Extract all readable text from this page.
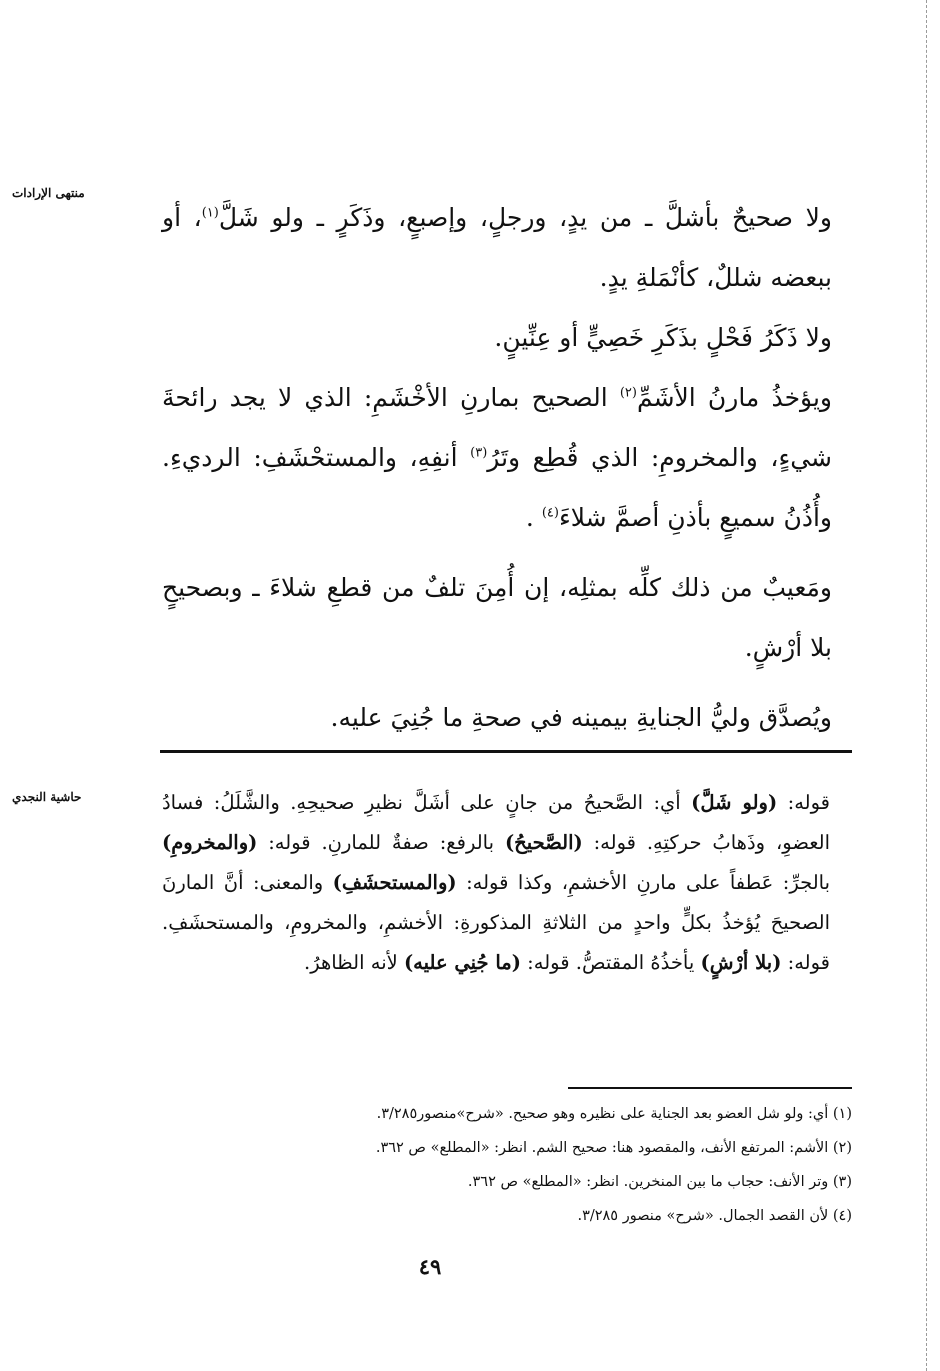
منتهى الإرادات

ولا صحيحٌ بأشلَّ ـ من يدٍ، ورجلٍ، وإصبعٍ، وذَكَرٍ ـ ولو شَلَّ$^{(١)}$، أو ببعضه شللٌ، كأنْمَلةِ يدٍ.

ولا ذَكَرُ فَحْلٍ بذَكَرِ خَصِيٍّ أو عِنِّينٍ.

ويؤخذُ مارنُ الأشَمِّ$^{(٢)}$ الصحيح بمارنِ الأخْشَمِ: الذي لا يجد رائحةَ شيءٍ، والمخرومِ: الذي قُطِع وتَرُ$^{(٣)}$ أنفِهِ، والمستحْشَفِ: الرديءِ. وأُذُنُ سميعٍ بأذنِ أصمَّ شلاءَ$^{(٤)}$ .

ومَعيبٌ من ذلك كلِّه بمثلِه، إن أُمِنَ تلفٌ من قطعِ شلاءَ ـ وبصحيحٍ بلا أرْشٍ.

ويُصدَّق وليُّ الجنايةِ بيمينه في صحةِ ما جُنِيَ عليه.

حاشية النجدي	قوله: (ولو شَلَّ) أي: الصَّحيحُ من جانٍ على أشَلَّ نظيرِ صحيحِهِ. والشَّلَلُ: فسادُ العضوِ، وذَهابُ حركتِهِ. قوله: (الصَّحيحُ) بالرفع: صفةٌ للمارنِ. قوله: (والمخرومِ) بالجرِّ: عَطفاً على مارنِ الأخشمِ، وكذا قوله: (والمستحشَفِ) والمعنى: أنَّ المارنَ الصحيحَ يُؤخذُ بكلٍّ واحدٍ من الثلاثةِ المذكورةِ: الأخشمِ، والمخرومِ، والمستحشَفِ. قوله: (بلا أرْشٍ) يأخذُهُ المقتصُّ. قوله: (ما جُنِي عليه) لأنه الظاهرُ.

(١) أي: ولو شل العضو بعد الجناية على نظيره وهو صحيح. «شرح»منصور٣/٢٨٥.
(٢) الأشم: المرتفع الأنف، والمقصود هنا: صحيح الشم. انظر: «المطلع» ص ٣٦٢.
(٣) وتر الأنف: حجاب ما بين المنخرين. انظر: «المطلع» ص ٣٦٢.
(٤) لأن القصد الجمال. «شرح» منصور ٣/٢٨٥.
٤٩
